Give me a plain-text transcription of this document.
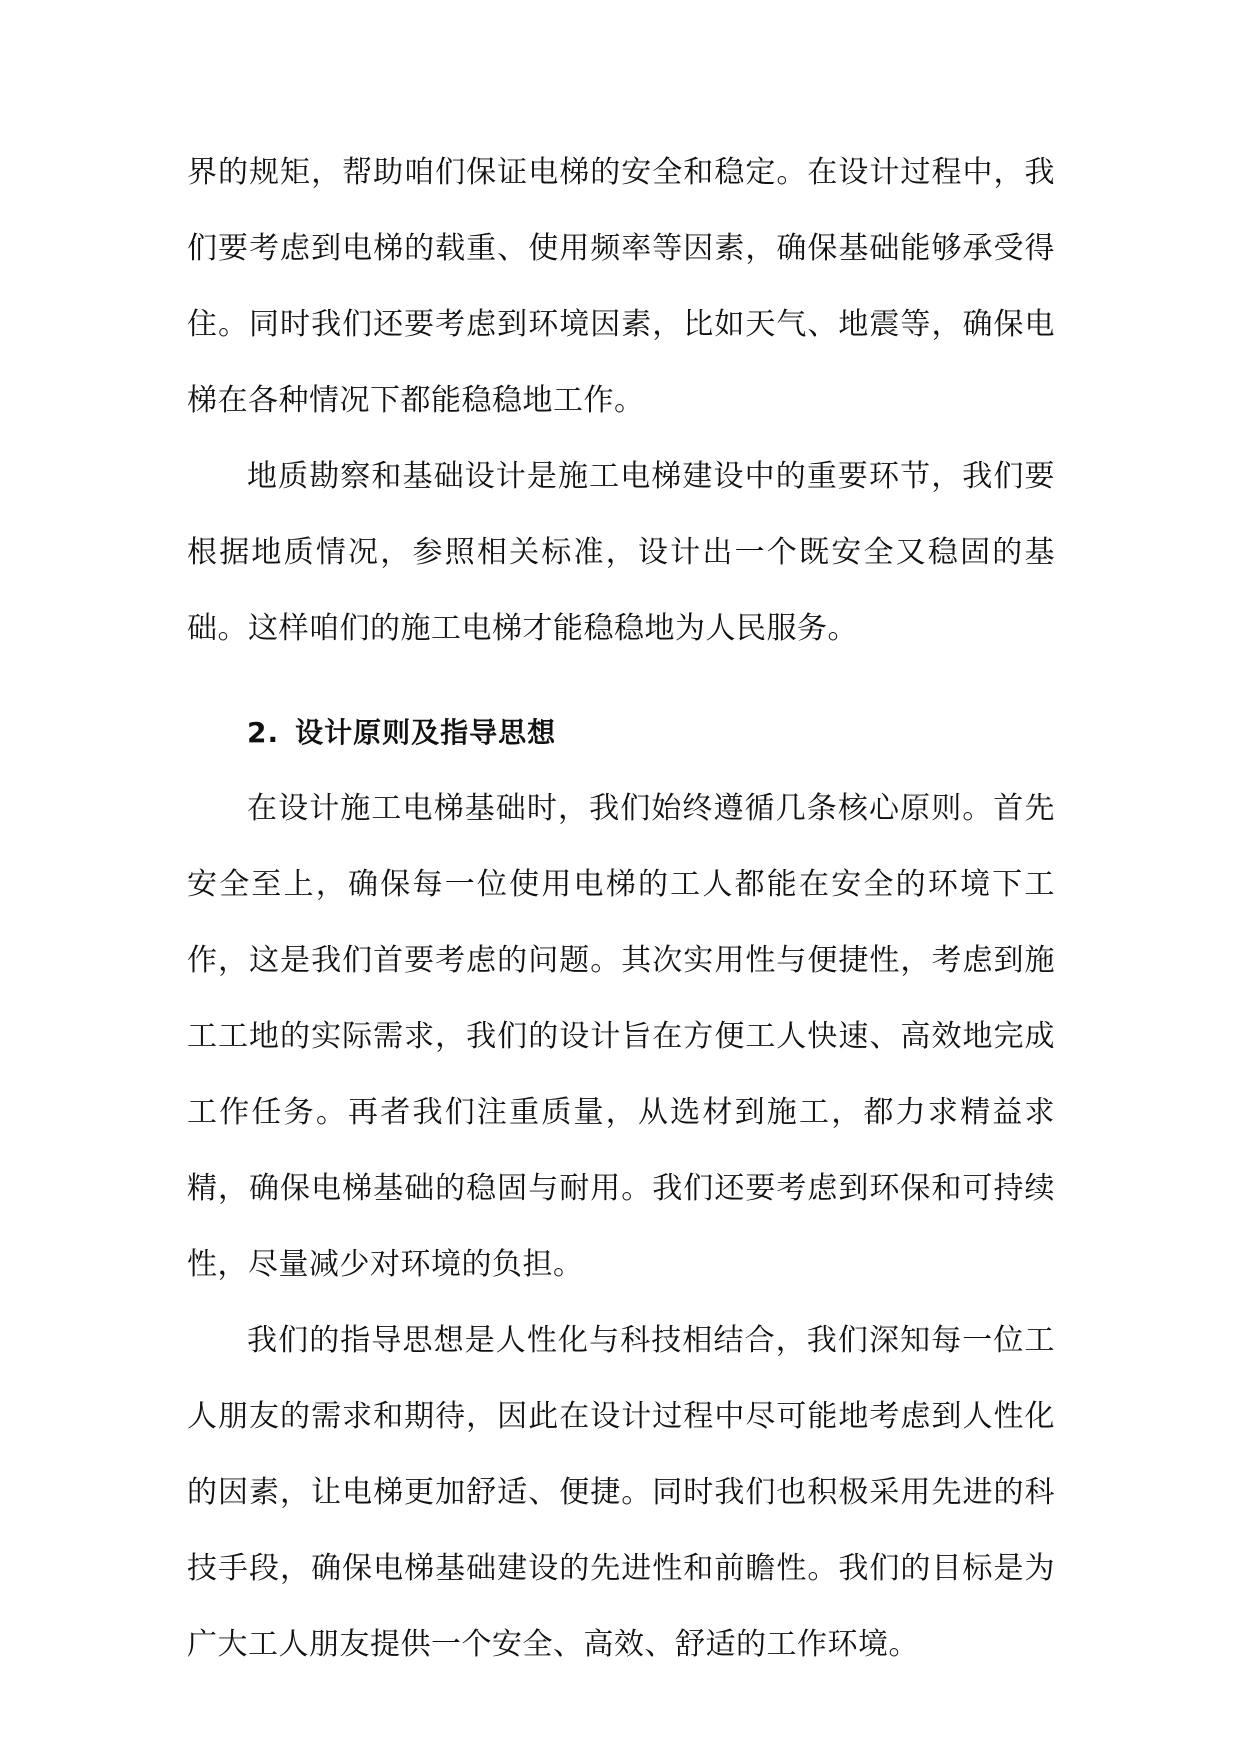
界的规矩，帮助咱们保证电梯的安全和稳定。在设计过程中，我们要考虑到电梯的载重、使用频率等因素，确保基础能够承受得住。同时我们还要考虑到环境因素，比如天气、地震等，确保电梯在各种情况下都能稳稳地工作。

地质勘察和基础设计是施工电梯建设中的重要环节，我们要根据地质情况，参照相关标准，设计出一个既安全又稳固的基础。这样咱们的施工电梯才能稳稳地为人民服务。

2. 设计原则及指导思想

在设计施工电梯基础时，我们始终遵循几条核心原则。首先安全至上，确保每一位使用电梯的工人都能在安全的环境下工作，这是我们首要考虑的问题。其次实用性与便捷性，考虑到施工工地的实际需求，我们的设计旨在方便工人快速、高效地完成工作任务。再者我们注重质量，从选材到施工，都力求精益求精，确保电梯基础的稳固与耐用。我们还要考虑到环保和可持续性，尽量减少对环境的负担。

我们的指导思想是人性化与科技相结合，我们深知每一位工人朋友的需求和期待，因此在设计过程中尽可能地考虑到人性化的因素，让电梯更加舒适、便捷。同时我们也积极采用先进的科技手段，确保电梯基础建设的先进性和前瞻性。我们的目标是为广大工人朋友提供一个安全、高效、舒适的工作环境。
